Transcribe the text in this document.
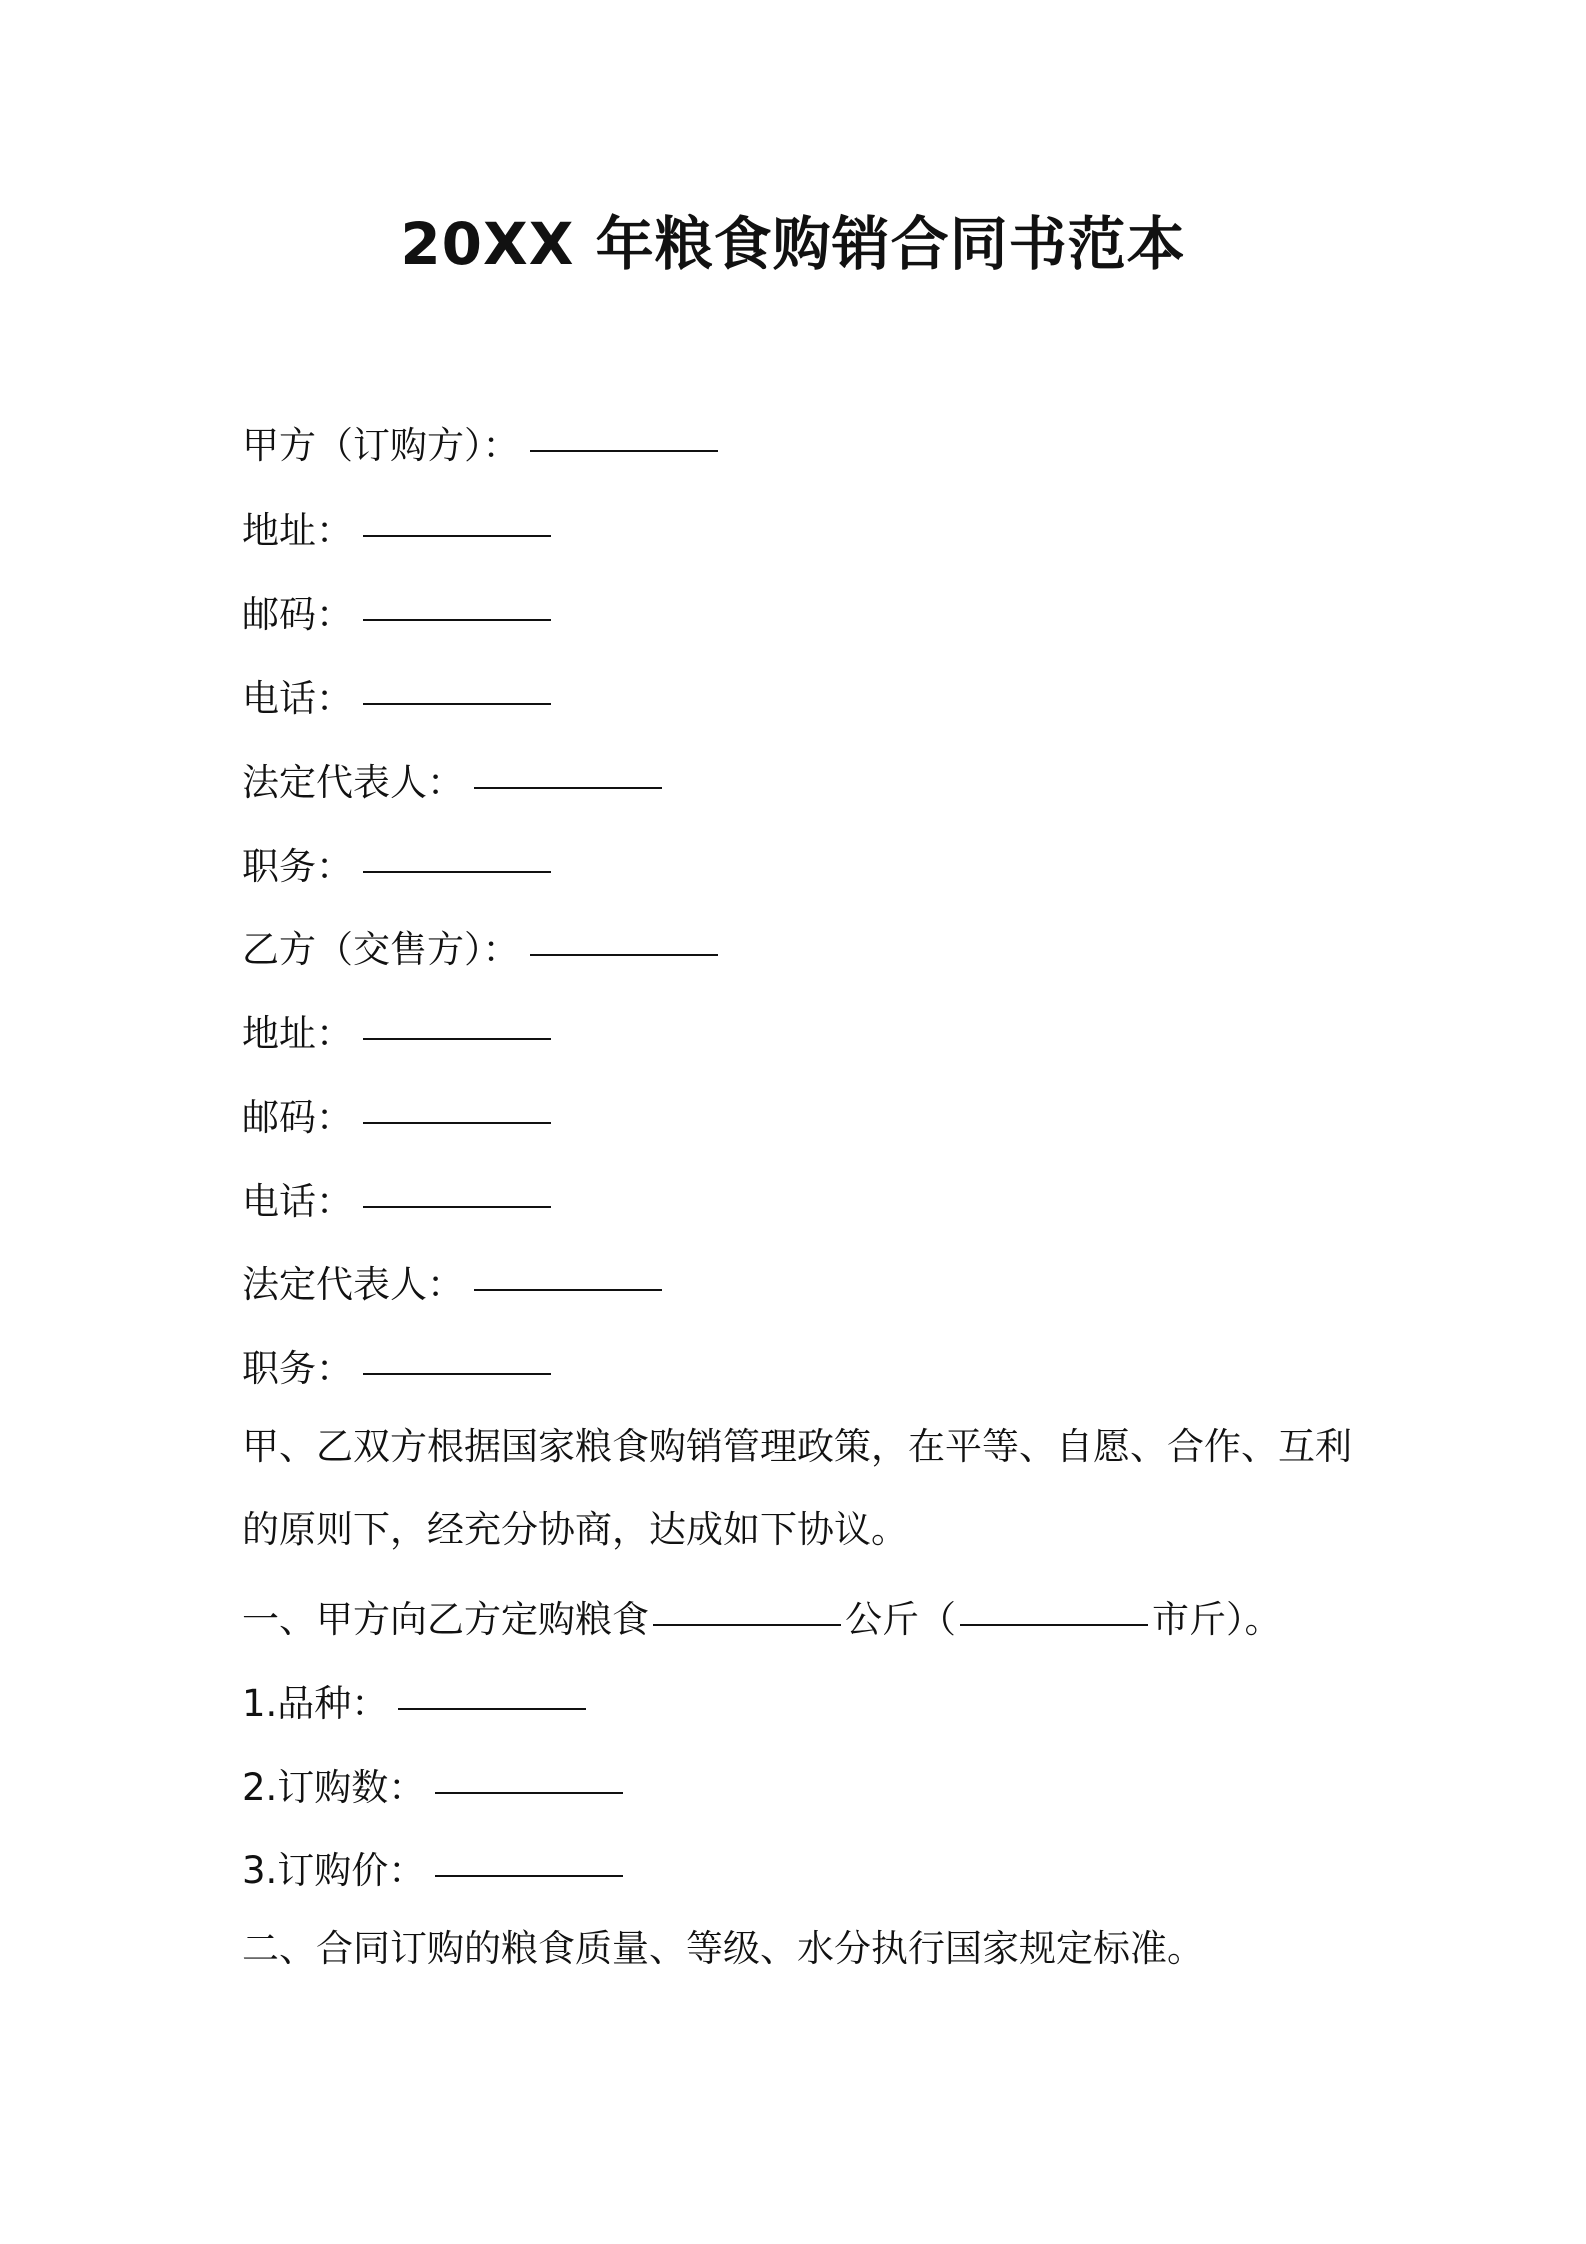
20XX 年粮食购销合同书范本
甲方（订购方）：
地址：
邮码：
电话：
法定代表人：
职务：
乙方（交售方）：
地址：
邮码：
电话：
法定代表人：
职务：
甲、乙双方根据国家粮食购销管理政策，在平等、自愿、合作、互利
的原则下，经充分协商，达成如下协议。
一、甲方向乙方定购粮食	公斤（	市斤）。
1.品种：
2.订购数：
3.订购价：
二、合同订购的粮食质量、等级、水分执行国家规定标准。
